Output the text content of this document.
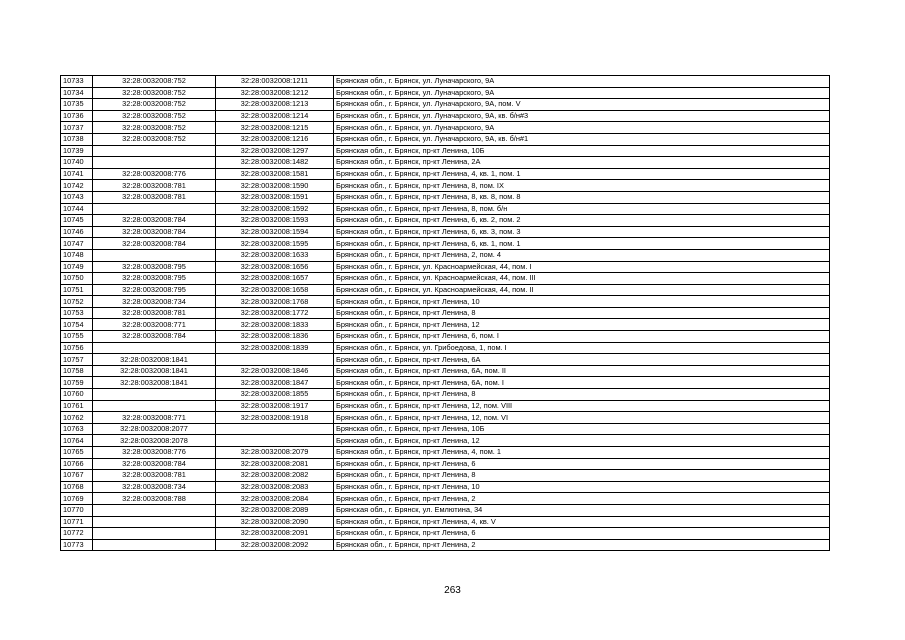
10733	32:28:0032008:752	32:28:0032008:1211	Брянская обл., г. Брянск, ул. Луначарского, 9А
10734	32:28:0032008:752	32:28:0032008:1212	Брянская обл., г. Брянск, ул. Луначарского, 9А
10735	32:28:0032008:752	32:28:0032008:1213	Брянская обл., г. Брянск, ул. Луначарского, 9А, пом. V
10736	32:28:0032008:752	32:28:0032008:1214	Брянская обл., г. Брянск, ул. Луначарского, 9А, кв. б/н#3
10737	32:28:0032008:752	32:28:0032008:1215	Брянская обл., г. Брянск, ул. Луначарского, 9А
10738	32:28:0032008:752	32:28:0032008:1216	Брянская обл., г. Брянск, ул. Луначарского, 9А, кв. б/н#1
10739		32:28:0032008:1297	Брянская обл., г. Брянск, пр-кт Ленина, 10Б
10740		32:28:0032008:1482	Брянская обл., г. Брянск, пр-кт Ленина, 2А
10741	32:28:0032008:776	32:28:0032008:1581	Брянская обл., г. Брянск, пр-кт Ленина, 4, кв. 1, пом. 1
10742	32:28:0032008:781	32:28:0032008:1590	Брянская обл., г. Брянск, пр-кт Ленина, 8, пом. IX
10743	32:28:0032008:781	32:28:0032008:1591	Брянская обл., г. Брянск, пр-кт Ленина, 8, кв. 8, пом. 8
10744		32:28:0032008:1592	Брянская обл., г. Брянск, пр-кт Ленина, 8, пом. б/н
10745	32:28:0032008:784	32:28:0032008:1593	Брянская обл., г. Брянск, пр-кт Ленина, 6, кв. 2, пом. 2
10746	32:28:0032008:784	32:28:0032008:1594	Брянская обл., г. Брянск, пр-кт Ленина, 6, кв. 3, пом. 3
10747	32:28:0032008:784	32:28:0032008:1595	Брянская обл., г. Брянск, пр-кт Ленина, 6, кв. 1, пом. 1
10748		32:28:0032008:1633	Брянская обл., г. Брянск, пр-кт Ленина, 2, пом. 4
10749	32:28:0032008:795	32:28:0032008:1656	Брянская обл., г. Брянск, ул. Красноармейская, 44, пом. I
10750	32:28:0032008:795	32:28:0032008:1657	Брянская обл., г. Брянск, ул. Красноармейская, 44, пом. III
10751	32:28:0032008:795	32:28:0032008:1658	Брянская обл., г. Брянск, ул. Красноармейская, 44, пом. II
10752	32:28:0032008:734	32:28:0032008:1768	Брянская обл., г. Брянск, пр-кт Ленина, 10
10753	32:28:0032008:781	32:28:0032008:1772	Брянская обл., г. Брянск, пр-кт Ленина, 8
10754	32:28:0032008:771	32:28:0032008:1833	Брянская обл., г. Брянск, пр-кт Ленина, 12
10755	32:28:0032008:784	32:28:0032008:1836	Брянская обл., г. Брянск, пр-кт Ленина, 6, пом. I
10756		32:28:0032008:1839	Брянская обл., г. Брянск, ул. Грибоедова, 1, пом. I
10757	32:28:0032008:1841		Брянская обл., г. Брянск, пр-кт Ленина, 6А
10758	32:28:0032008:1841	32:28:0032008:1846	Брянская обл., г. Брянск, пр-кт Ленина, 6А, пом. II
10759	32:28:0032008:1841	32:28:0032008:1847	Брянская обл., г. Брянск, пр-кт Ленина, 6А, пом. I
10760		32:28:0032008:1855	Брянская обл., г. Брянск, пр-кт Ленина, 8
10761		32:28:0032008:1917	Брянская обл., г. Брянск, пр-кт Ленина, 12, пом. VIII
10762	32:28:0032008:771	32:28:0032008:1918	Брянская обл., г. Брянск, пр-кт Ленина, 12, пом. VI
10763	32:28:0032008:2077		Брянская обл., г. Брянск, пр-кт Ленина, 10Б
10764	32:28:0032008:2078		Брянская обл., г. Брянск, пр-кт Ленина, 12
10765	32:28:0032008:776	32:28:0032008:2079	Брянская обл., г. Брянск, пр-кт Ленина, 4, пом. 1
10766	32:28:0032008:784	32:28:0032008:2081	Брянская обл., г. Брянск, пр-кт Ленина, 6
10767	32:28:0032008:781	32:28:0032008:2082	Брянская обл., г. Брянск, пр-кт Ленина, 8
10768	32:28:0032008:734	32:28:0032008:2083	Брянская обл., г. Брянск, пр-кт Ленина, 10
10769	32:28:0032008:788	32:28:0032008:2084	Брянская обл., г. Брянск, пр-кт Ленина, 2
10770		32:28:0032008:2089	Брянская обл., г. Брянск, ул. Емлютина, 34
10771		32:28:0032008:2090	Брянская обл., г. Брянск, пр-кт Ленина, 4, кв. V
10772		32:28:0032008:2091	Брянская обл., г. Брянск, пр-кт Ленина, 6
10773		32:28:0032008:2092	Брянская обл., г. Брянск, пр-кт Ленина, 2
263
